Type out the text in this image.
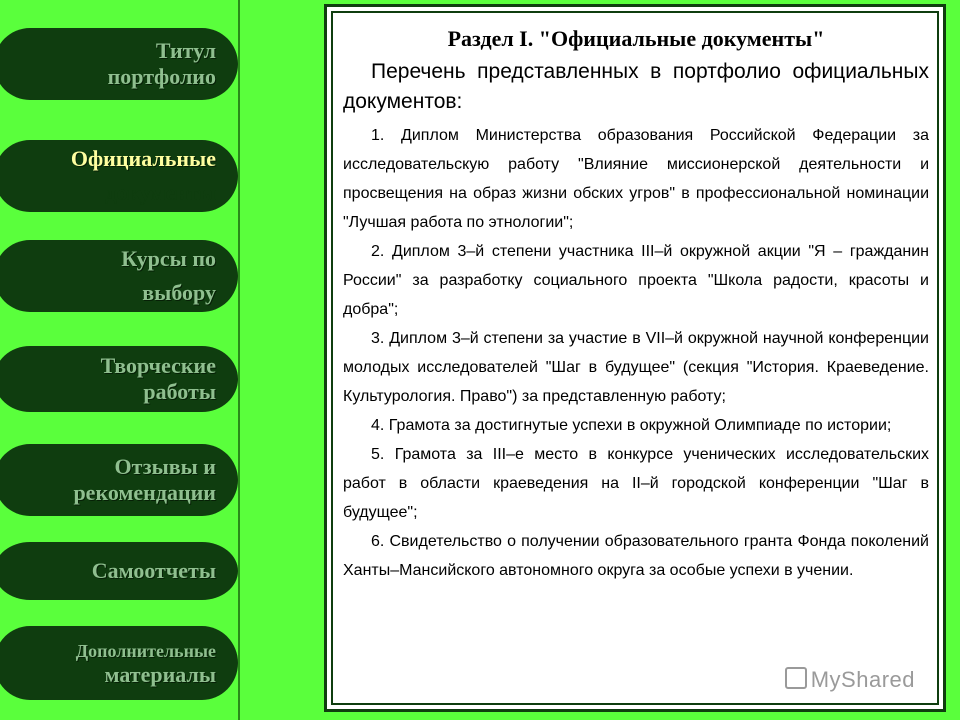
Титул
портфолио
Официальные
документы
Курсы по
выбору
Творческие
работы
Отзывы и
рекомендации
Самоотчеты
Дополнительные
материалы
Раздел I. "Официальные документы"

Перечень представленных в портфолио официальных документов:

1. Диплом Министерства образования Российской Федерации за исследовательскую работу "Влияние миссионерской деятельности и просвещения на образ жизни обских угров" в профессиональной номинации "Лучшая работа по этнологии";

2. Диплом 3–й степени участника III–й окружной акции "Я – гражданин России" за разработку социального проекта "Школа радости, красоты и добра";

3. Диплом 3–й степени за участие в VII–й окружной научной конференции молодых исследователей "Шаг в будущее" (секция "История. Краеведение. Культурология. Право") за представленную работу;

4. Грамота за достигнутые успехи в окружной Олимпиаде по истории;

5. Грамота за III–е место в конкурсе ученических исследовательских работ в области краеведения на II–й городской конференции "Шаг в будущее";

6. Свидетельство о получении образовательного гранта Фонда поколений Ханты–Мансийского автономного округа за особые успехи в учении.

MyShared
